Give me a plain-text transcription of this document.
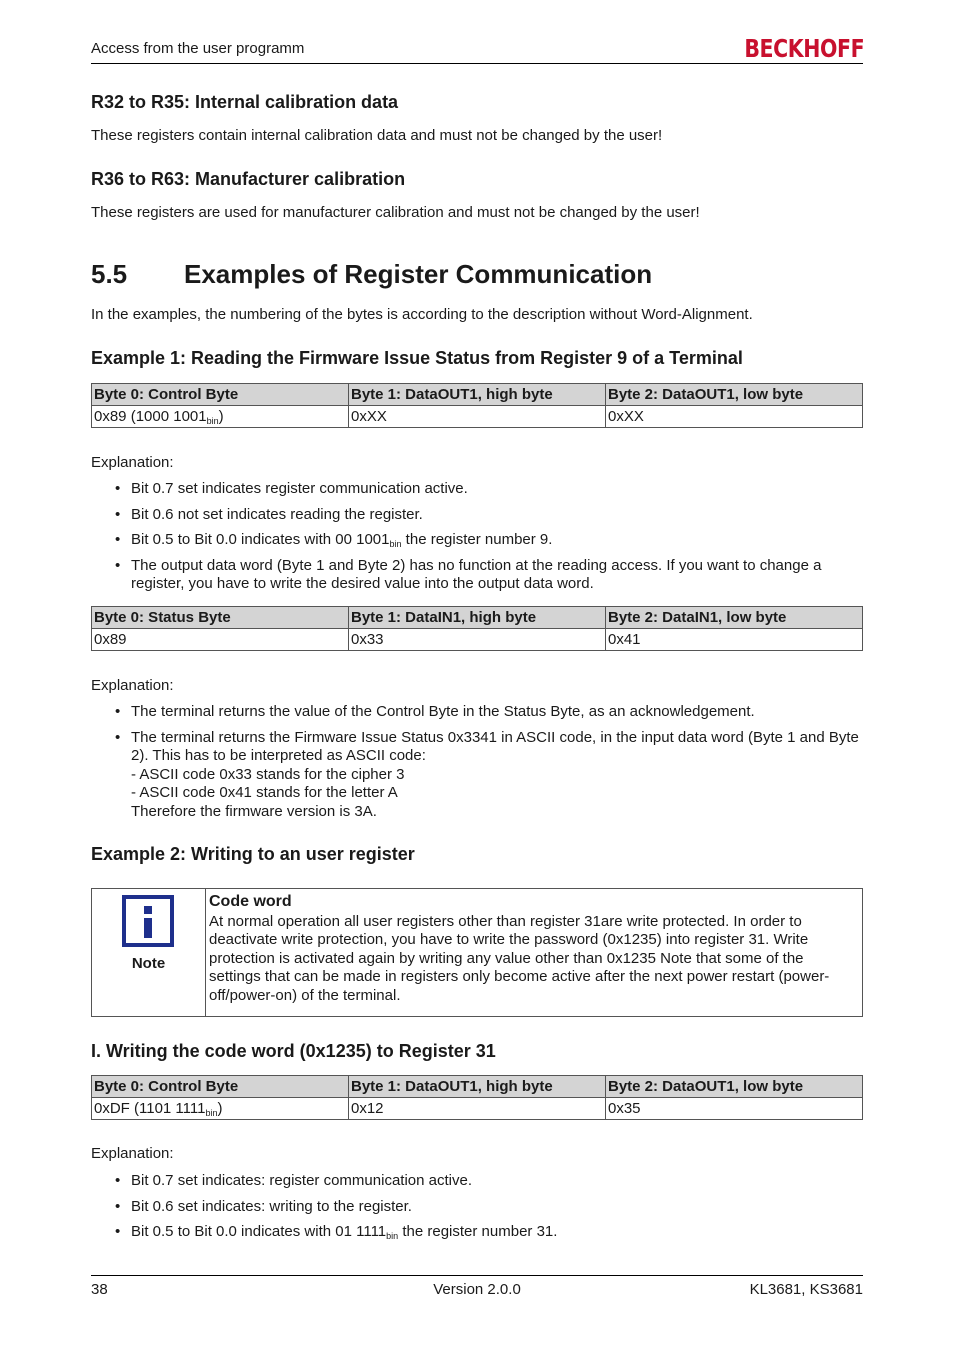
Access from the user programm	BECKHOFF
R32 to R35: Internal calibration data

These registers contain internal calibration data and must not be changed by the user!

R36 to R63: Manufacturer calibration

These registers are used for manufacturer calibration and must not be changed by the user!

5.5 Examples of Register Communication

In the examples, the numbering of the bytes is according to the description without Word-Alignment.

Example 1: Reading the Firmware Issue Status from Register 9 of a Terminal
Byte 0: Control Byte	Byte 1: DataOUT1, high byte	Byte 2: DataOUT1, low byte
0x89 (1000 $1001_{bin}$)	0xXX	0xXX

Explanation:

• Bit 0.7 set indicates register communication active.
• Bit 0.6 not set indicates reading the register.
• Bit 0.5 to Bit 0.0 indicates with 00 $1001_{bin}$ the register number 9.
• The output data word (Byte 1 and Byte 2) has no function at the reading access. If you want to change a register, you have to write the desired value into the output data word.
Byte 0: Status Byte	Byte 1: DataIN1, high byte	Byte 2: DataIN1, low byte
0x89	0x33	0x41

Explanation:

• The terminal returns the value of the Control Byte in the Status Byte, as an acknowledgement.
• The terminal returns the Firmware Issue Status 0x3341 in ASCII code, in the input data word (Byte 1 and Byte 2). This has to be interpreted as ASCII code:
- ASCII code 0x33 stands for the cipher 3
- ASCII code 0x41 stands for the letter A
Therefore the firmware version is 3A.
Example 2: Writing to an user register
Note
Code word
At normal operation all user registers other than register 31are write protected. In order to deactivate write protection, you have to write the password (0x1235) into register 31. Write protection is activated again by writing any value other than 0x1235 Note that some of the settings that can be made in registers only become active after the next power restart (power-off/power-on) of the terminal.
I. Writing the code word (0x1235) to Register 31
Byte 0: Control Byte	Byte 1: DataOUT1, high byte	Byte 2: DataOUT1, low byte
0xDF (1101 $1111_{bin}$)	0x12	0x35

Explanation:

• Bit 0.7 set indicates: register communication active.
• Bit 0.6 set indicates: writing to the register.
• Bit 0.5 to Bit 0.0 indicates with 01 $1111_{bin}$ the register number 31.
38	Version 2.0.0	KL3681, KS3681
